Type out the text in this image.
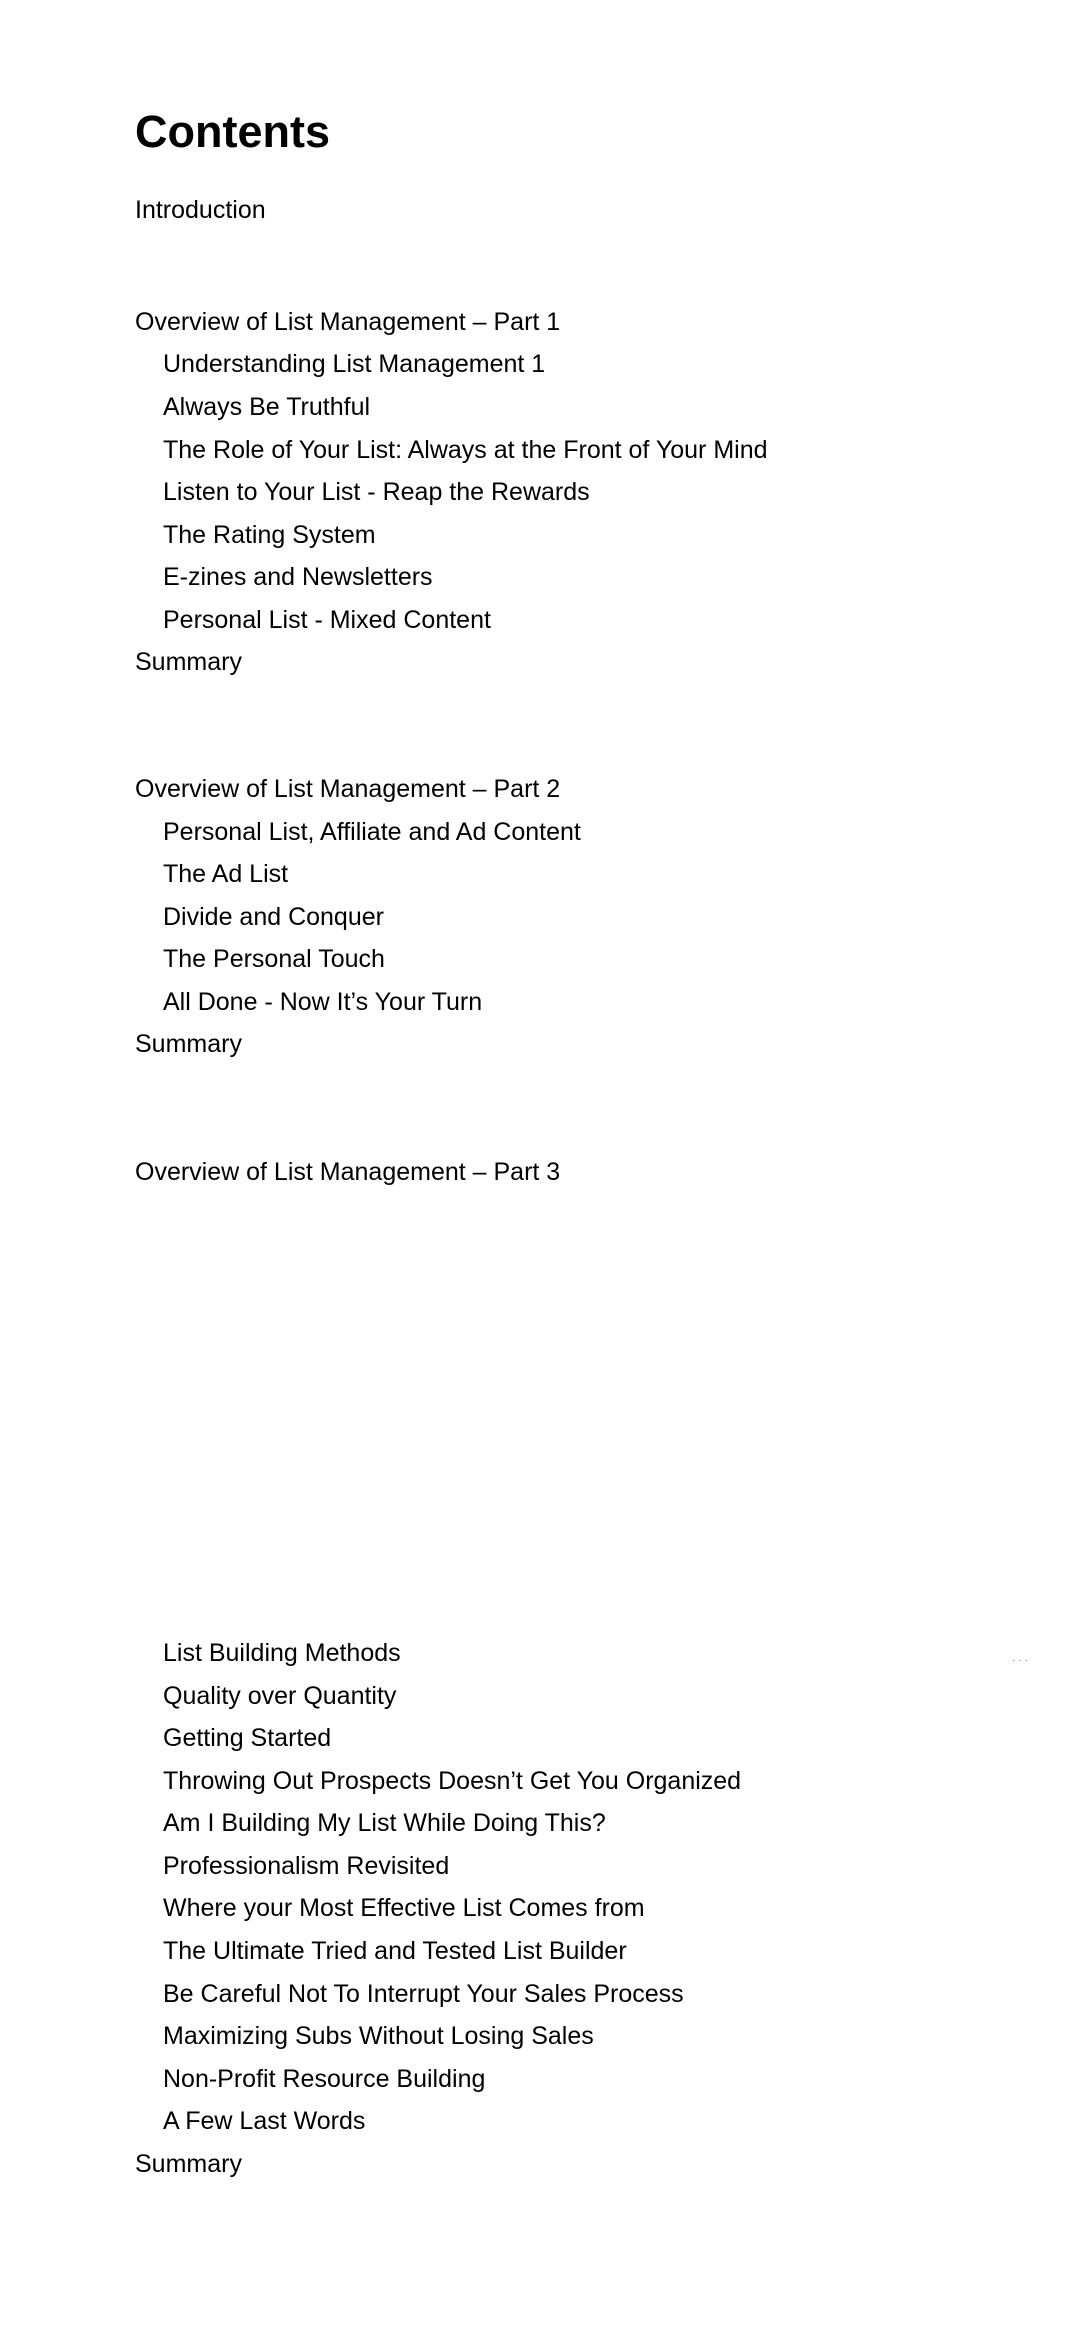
Contents
Introduction
Overview of List Management – Part 1
Understanding List Management 1
Always Be Truthful
The Role of Your List: Always at the Front of Your Mind
Listen to Your List - Reap the Rewards
The Rating System
E-zines and Newsletters
Personal List - Mixed Content
Summary
Overview of List Management – Part 2
Personal List, Affiliate and Ad Content
The Ad List
Divide and Conquer
The Personal Touch
All Done - Now It’s Your Turn
Summary
Overview of List Management – Part 3
List Building Methods
Quality over Quantity
Getting Started
Throwing Out Prospects Doesn’t Get You Organized
Am I Building My List While Doing This?
Professionalism Revisited
Where your Most Effective List Comes from
The Ultimate Tried and Tested List Builder
Be Careful Not To Interrupt Your Sales Process
Maximizing Subs Without Losing Sales
Non-Profit Resource Building
A Few Last Words
Summary
···
